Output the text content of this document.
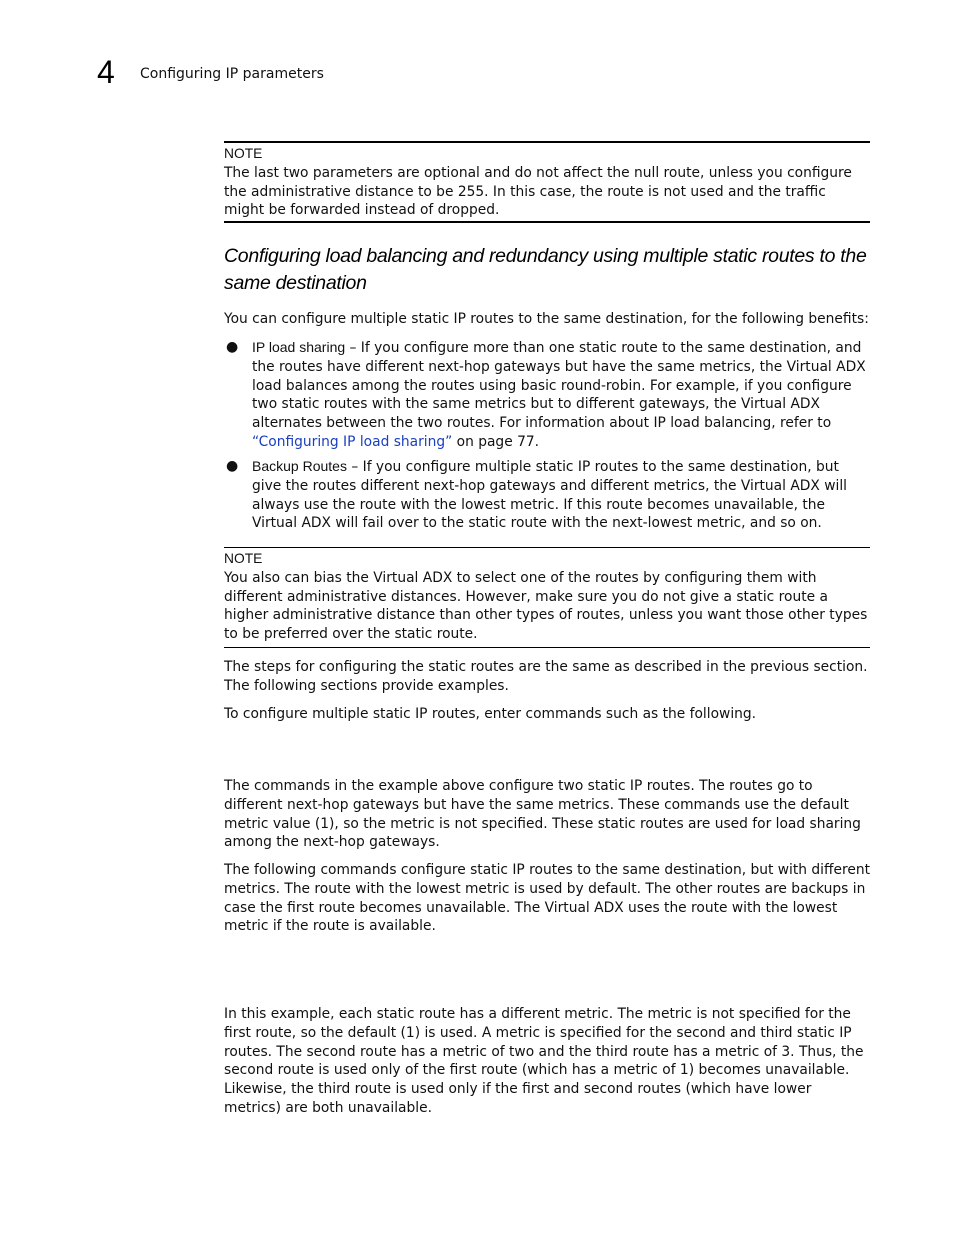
4 Configuring IP parameters
NOTE
The last two parameters are optional and do not affect the null route, unless you configure the administrative distance to be 255. In this case, the route is not used and the traffic might be forwarded instead of dropped.
Configuring load balancing and redundancy using multiple static routes to the same destination

You can configure multiple static IP routes to the same destination, for the following benefits:

● IP load sharing – If you configure more than one static route to the same destination, and the routes have different next-hop gateways but have the same metrics, the Virtual ADX load balances among the routes using basic round-robin. For example, if you configure two static routes with the same metrics but to different gateways, the Virtual ADX alternates between the two routes. For information about IP load balancing, refer to “Configuring IP load sharing” on page 77.
● Backup Routes – If you configure multiple static IP routes to the same destination, but give the routes different next-hop gateways and different metrics, the Virtual ADX will always use the route with the lowest metric. If this route becomes unavailable, the Virtual ADX will fail over to the static route with the next-lowest metric, and so on.
NOTE
You also can bias the Virtual ADX to select one of the routes by configuring them with different administrative distances. However, make sure you do not give a static route a higher administrative distance than other types of routes, unless you want those other types to be preferred over the static route.

The steps for configuring the static routes are the same as described in the previous section. The following sections provide examples.

To configure multiple static IP routes, enter commands such as the following.

The commands in the example above configure two static IP routes. The routes go to different next-hop gateways but have the same metrics. These commands use the default metric value (1), so the metric is not specified. These static routes are used for load sharing among the next-hop gateways.

The following commands configure static IP routes to the same destination, but with different metrics. The route with the lowest metric is used by default. The other routes are backups in case the first route becomes unavailable. The Virtual ADX uses the route with the lowest metric if the route is available.

In this example, each static route has a different metric. The metric is not specified for the first route, so the default (1) is used. A metric is specified for the second and third static IP routes. The second route has a metric of two and the third route has a metric of 3. Thus, the second route is used only of the first route (which has a metric of 1) becomes unavailable. Likewise, the third route is used only if the first and second routes (which have lower metrics) are both unavailable.
